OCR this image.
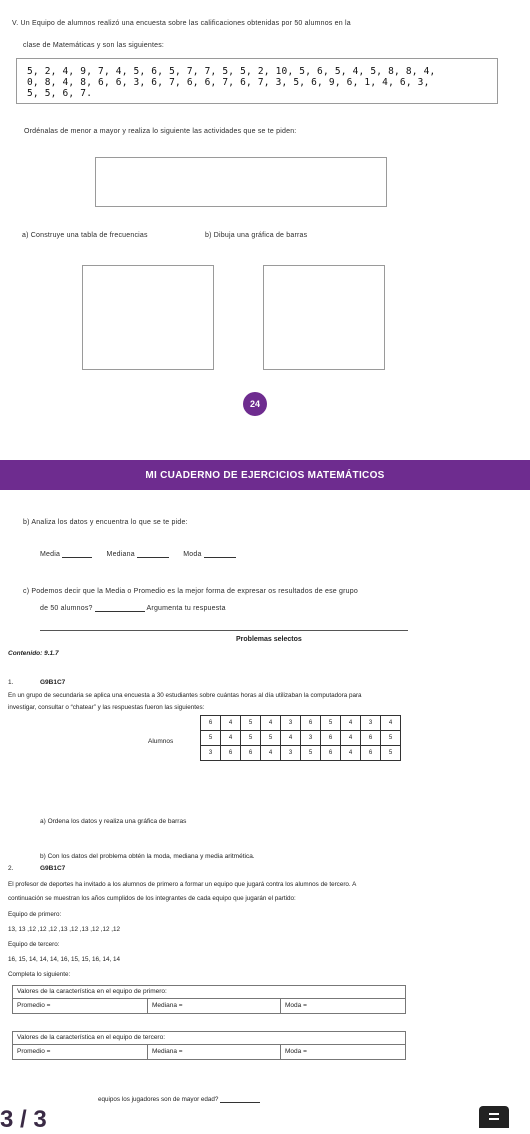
V. Un Equipo de alumnos realizó una encuesta sobre las calificaciones obtenidas por 50 alumnos en la
clase de Matemáticas y son las siguientes:
5, 2, 4, 9, 7, 4, 5, 6, 5, 7, 7, 5, 5, 2, 10, 5, 6, 5, 4, 5, 8, 8, 4,
0, 8, 4, 8, 6, 6, 3, 6, 7, 6, 6, 7, 6, 7, 3, 5, 6, 9, 6, 1, 4, 6, 3,
5, 5, 6, 7.
Ordénalas de menor a mayor y realiza lo siguiente las actividades que se te piden:
a) Construye una tabla de frecuencias	b) Dibuja una gráfica de barras
24
MI CUADERNO DE EJERCICIOS MATEMÁTICOS
b) Analiza los datos y encuentra lo que se te pide:
Media	Mediana	Moda
c) Podemos decir que la Media o Promedio es la mejor forma de expresar os resultados de ese grupo
de 50 alumnos?	Argumenta tu respuesta
Problemas selectos
Contenido: 9.1.7
1.	G9B1C7
En un grupo de secundaria se aplica una encuesta a 30 estudiantes sobre cuántas horas al día utilizaban la computadora para
investigar, consultar o “chatear” y las respuestas fueron las siguientes:
Alumnos
6	4	5	4	3	6	5	4	3	4
5	4	5	5	4	3	6	4	6	5
3	6	6	4	3	5	6	4	6	5
a) Ordena los datos y realiza una gráfica de barras
b) Con los datos del problema obtén la moda, mediana y media aritmética.
2.	G9B1C7
El profesor de deportes ha invitado a los alumnos de primero a formar un equipo que jugará contra los alumnos de tercero. A
continuación se muestran los años cumplidos de los integrantes de cada equipo que jugarán el partido:
Equipo de primero:
13, 13 ,12 ,12 ,12 ,13 ,12 ,13 ,12 ,12 ,12
Equipo de tercero:
16, 15, 14, 14, 14, 16, 15, 15, 16, 14, 14
Completa lo siguiente:
Valores de la característica en el equipo de primero:
Promedio =	Mediana =	Moda =
Valores de la característica en el equipo de tercero:
Promedio =	Mediana =	Moda =
equipos los jugadores son de mayor edad?
3 / 3
